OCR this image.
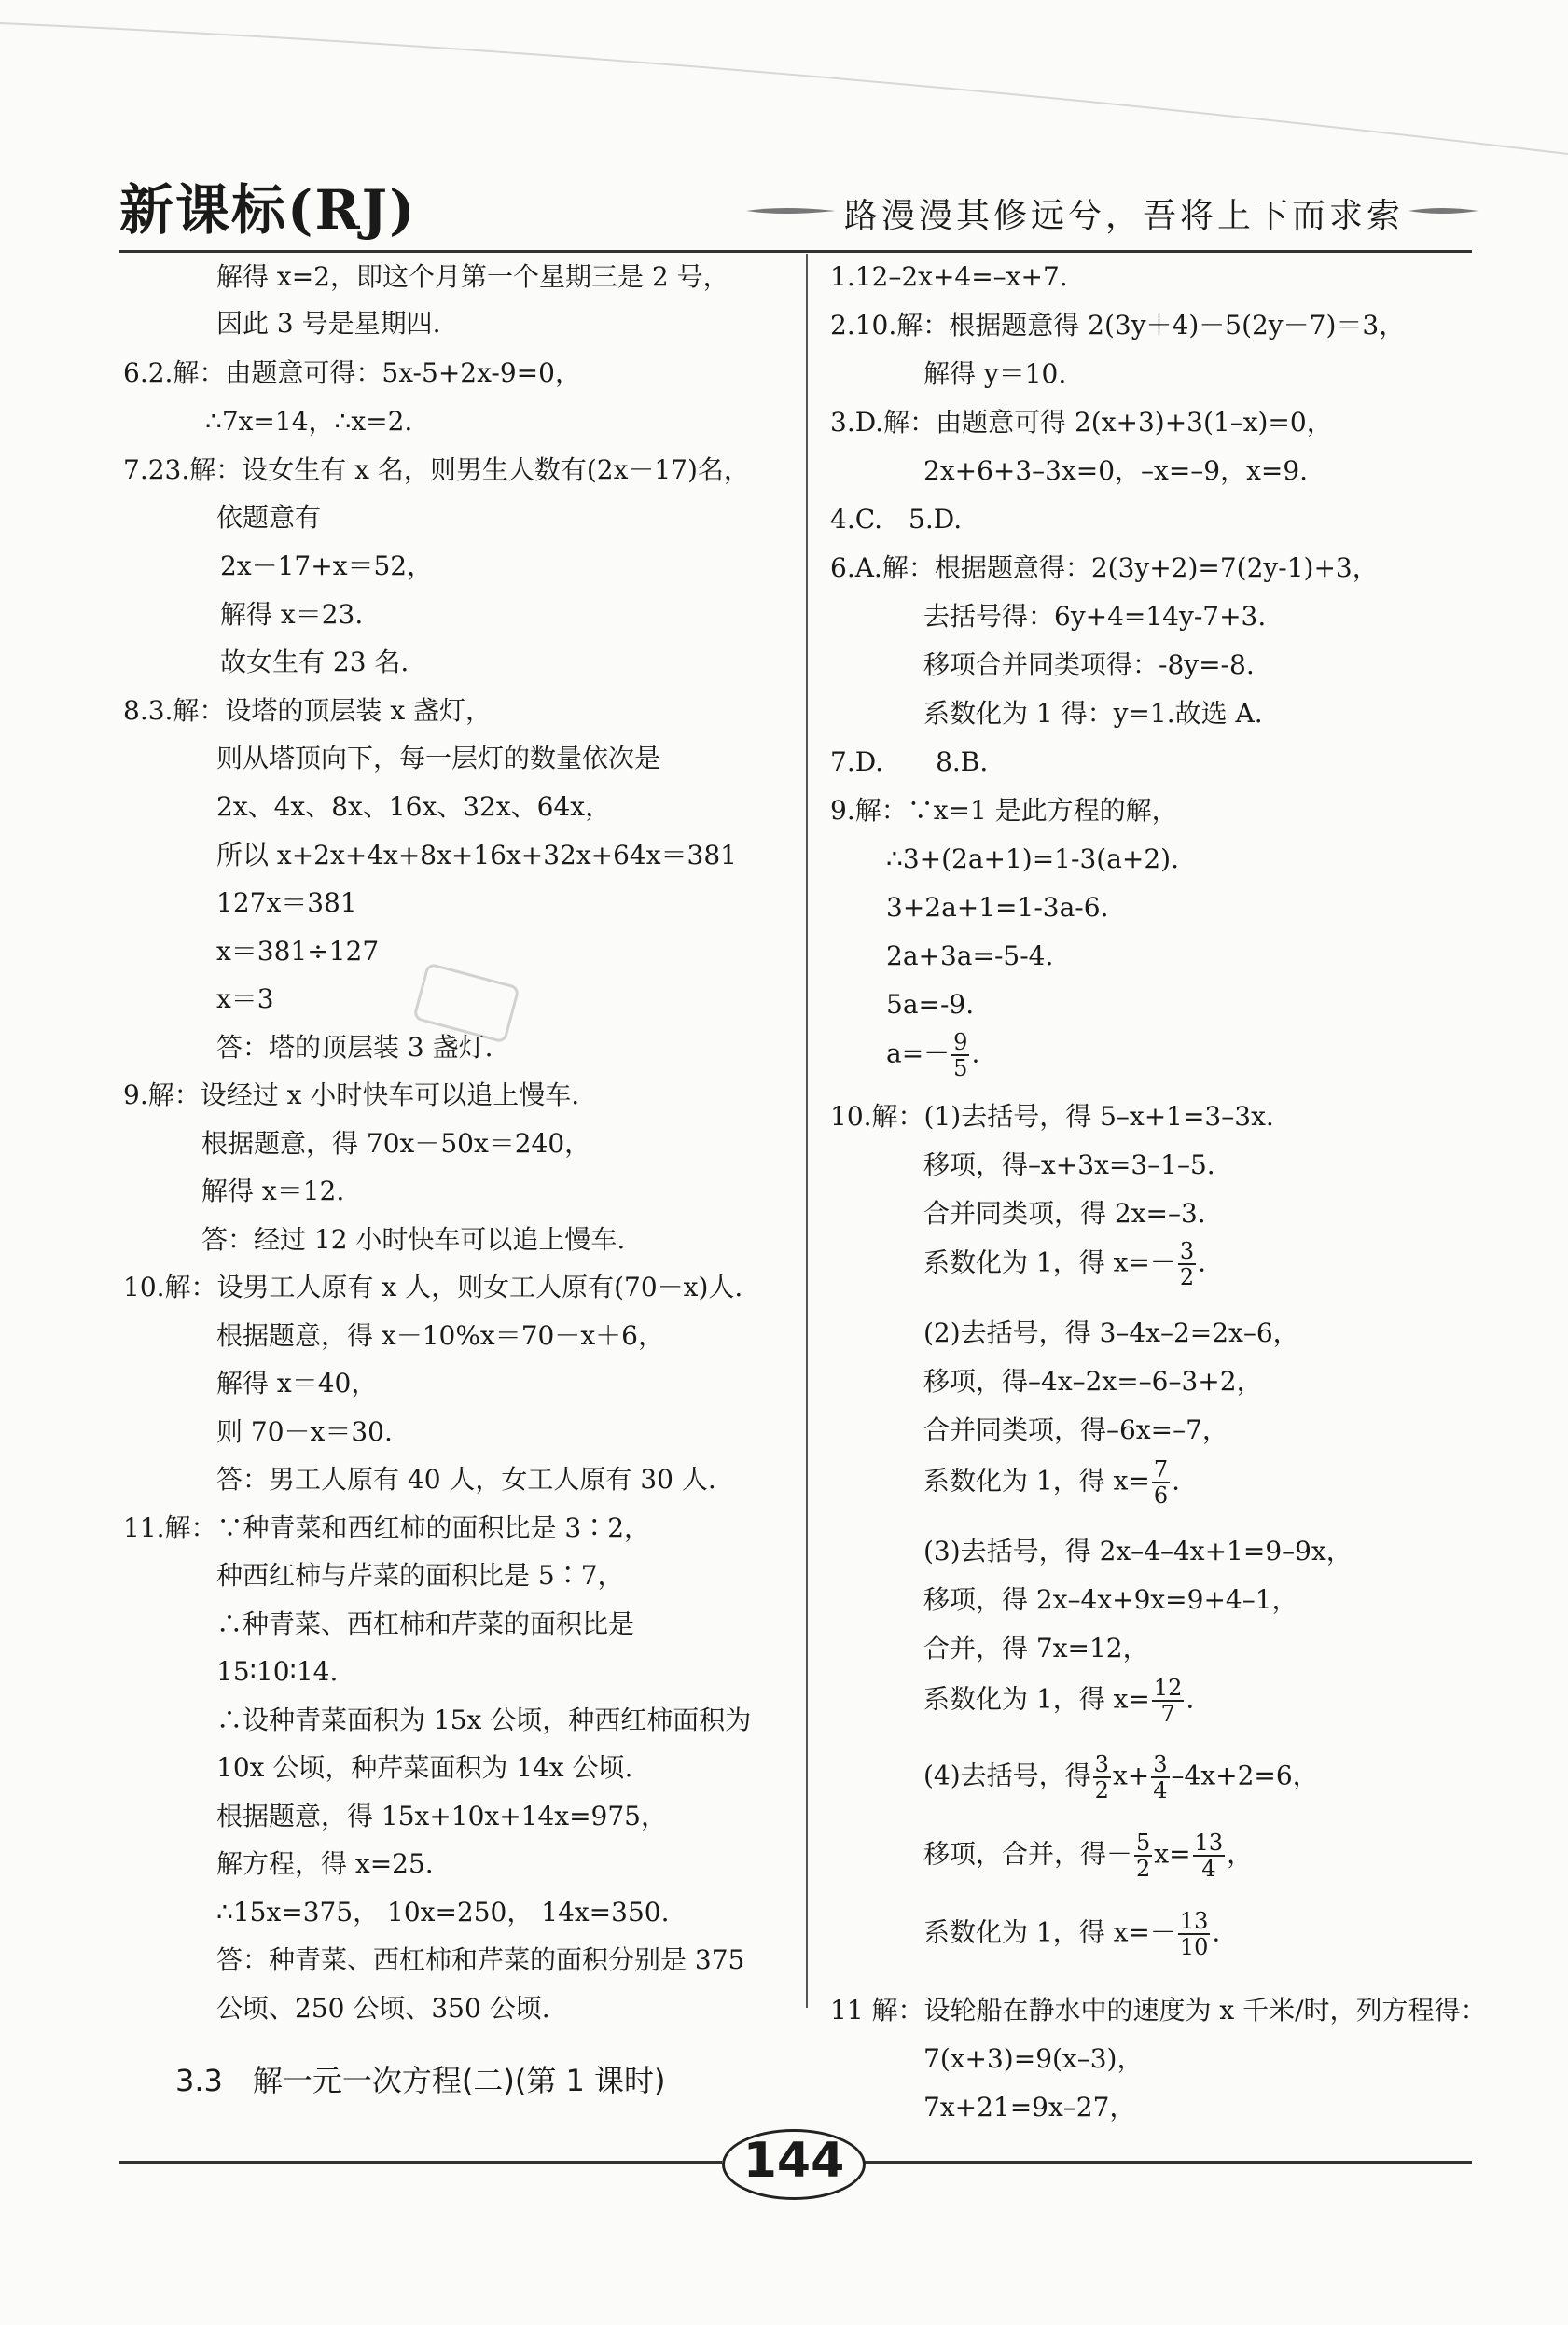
新课标(RJ)	路漫漫其修远兮，吾将上下而求索
解得 x=2，即这个月第一个星期三是 2 号，
因此 3 号是星期四.
6.2.解：由题意可得：5x-5+2x-9=0，
∴7x=14，∴x=2.
7.23.解：设女生有 x 名，则男生人数有(2x－17)名，
依题意有
2x－17+x＝52，
解得 x＝23.
故女生有 23 名.
8.3.解：设塔的顶层装 x 盏灯，
则从塔顶向下，每一层灯的数量依次是
2x、4x、8x、16x、32x、64x，
所以 x+2x+4x+8x+16x+32x+64x＝381
127x＝381
x＝381÷127
x＝3
答：塔的顶层装 3 盏灯.
9.解：设经过 x 小时快车可以追上慢车.
根据题意，得 70x－50x＝240，
解得 x＝12.
答：经过 12 小时快车可以追上慢车.
10.解：设男工人原有 x 人，则女工人原有(70－x)人.
根据题意，得 x－10%x＝70－x＋6，
解得 x＝40，
则 70－x＝30.
答：男工人原有 40 人，女工人原有 30 人.
11.解：∵种青菜和西红柿的面积比是 3∶2，
种西红柿与芹菜的面积比是 5∶7，
∴种青菜、西杠柿和芹菜的面积比是
15∶10∶14.
∴设种青菜面积为 15x 公顷，种西红柿面积为
10x 公顷，种芹菜面积为 14x 公顷.
根据题意，得 15x+10x+14x=975，
解方程，得 x=25.
∴15x=375， 10x=250， 14x=350.
答：种青菜、西杠柿和芹菜的面积分别是 375
公顷、250 公顷、350 公顷.
3.3　解一元一次方程(二)(第 1 课时)
1.12–2x+4=–x+7.
2.10.解：根据题意得 2(3y＋4)－5(2y－7)＝3，
解得 y＝10.
3.D.解：由题意可得 2(x+3)+3(1–x)=0，
2x+6+3–3x=0，–x=–9，x=9.
4.C.　5.D.
6.A.解：根据题意得：2(3y+2)=7(2y-1)+3，
去括号得：6y+4=14y-7+3.
移项合并同类项得：-8y=-8.
系数化为 1 得：y=1.故选 A.
7.D.　　8.B.
9.解：∵x=1 是此方程的解，
∴3+(2a+1)=1-3(a+2).
3+2a+1=1-3a-6.
2a+3a=-5-4.
5a=-9.
$a=- \frac{9}{5}$ .
10.解：(1)去括号，得 5–x+1=3–3x.
移项，得–x+3x=3–1–5.
合并同类项，得 2x=–3.
系数化为 1，得 $x=- \frac{3}{2}$ .
(2)去括号，得 3–4x–2=2x–6，
移项，得–4x–2x=–6–3+2，
合并同类项，得–6x=–7，
系数化为 1，得 $x= \frac{7}{6}$ .
(3)去括号，得 2x–4–4x+1=9–9x，
移项，得 2x–4x+9x=9+4–1，
合并，得 7x=12，
系数化为 1，得 $x= \frac{12}{7}$ .
(4)去括号，得 $\frac{3}{2} x+ \frac{3}{4} -4x+2=6$，
移项，合并，得－ $\frac{5}{2} x= \frac{13}{4}$ ，
系数化为 1，得 $x=- \frac{13}{10}$ .
11 解：设轮船在静水中的速度为 x 千米/时，列方程得：
7(x+3)=9(x–3)，
7x+21=9x–27，
144
